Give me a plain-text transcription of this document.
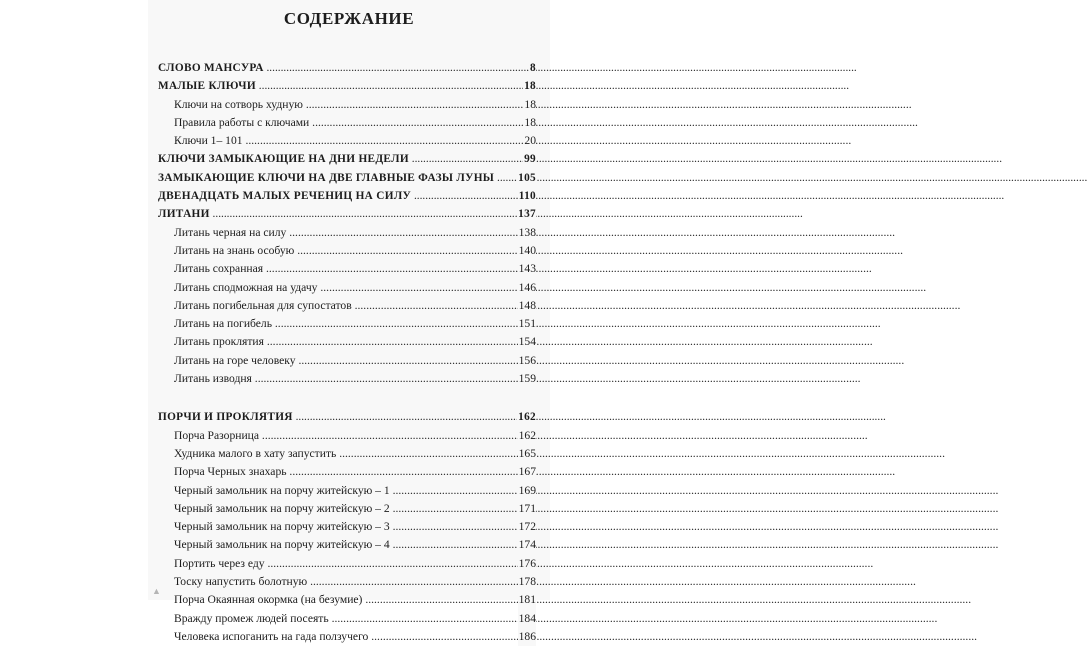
СОДЕРЖАНИЕ
СЛОВО МАНСУРА .....	8
МАЛЫЕ КЛЮЧИ .....	18
Ключи на сотворь худную .....	18
Правила работы с ключами .....	18
Ключи 1– 101 .....	20
КЛЮЧИ ЗАМЫКАЮЩИЕ НА ДНИ НЕДЕЛИ .....	99
ЗАМЫКАЮЩИЕ КЛЮЧИ НА ДВЕ ГЛАВНЫЕ ФАЗЫ ЛУНЫ ..... 105
ДВЕНАДЦАТЬ МАЛЫХ РЕЧЕНИЦ НА СИЛУ .....	110
ЛИТАНИ .....	137
Литань черная на силу .....	138
Литань на знань особую .....	140
Литань сохранная .....	143
Литань сподможная на удачу .....	146
Литань погибельная для супостатов .....	148
Литань на погибель .....	151
Литань проклятия .....	154
Литань на горе человеку .....	156
Литань изводня .....	159
ПОРЧИ И ПРОКЛЯТИЯ .....	162
Порча Разорница .....	162
Худника малого в хату запустить .....	165
Порча Черных знахарь .....	167
Черный замольник на порчу житейскую – 1 .....	169
Черный замольник на порчу житейскую – 2 .....	171
Черный замольник на порчу житейскую – 3 .....	172
Черный замольник на порчу житейскую – 4 .....	174
Портить через еду .....	176
Тоску напустить болотную .....	178
Порча Окаянная окормка (на безумие) .....	181
Вражду промеж людей посеять .....	184
Человека испоганить на гада ползучего .....	186
▲
